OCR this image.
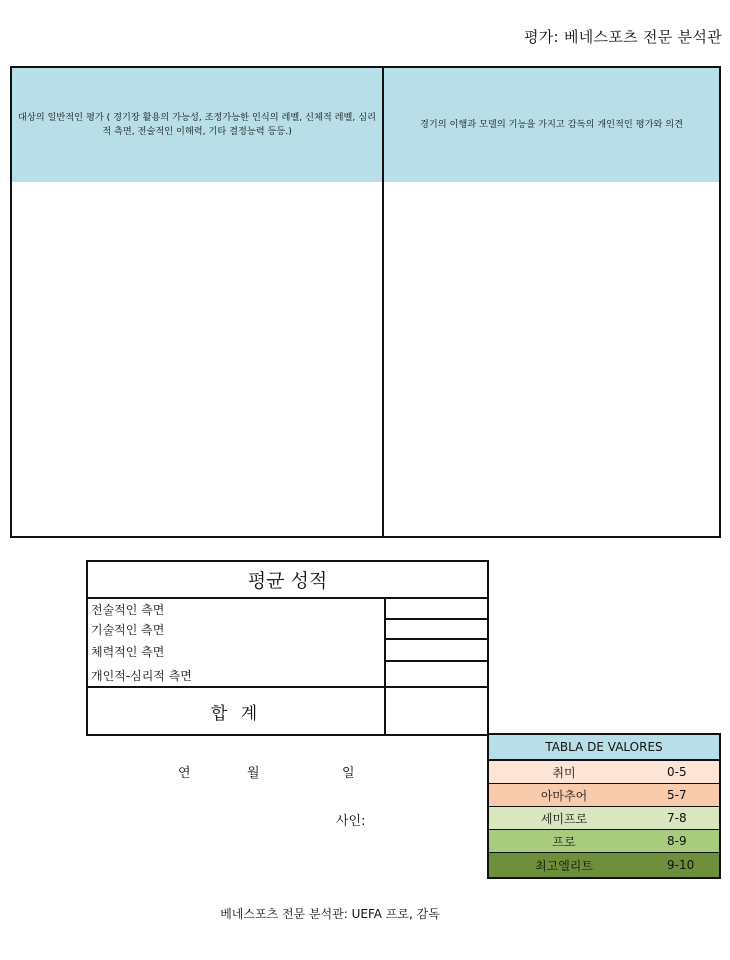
평가: 베네스포츠 전문 분석관
대상의 일반적인 평가 ( 경기장 활용의 가능성, 조정가능한 인식의 레벨, 신체적 레벨, 심리적 측면, 전술적인 이해력, 기타 결정능력 등등.)
경기의 이행과 모델의 기능을 가지고 감독의 개인적인 평가와 의견
평균 성적
전술적인 측면
기술적인 측면
체력적인 측면
개인적-심리적 측면
합 계
연	월	일
사인:
TABLA DE VALORES
취미	0-5
아마추어	5-7
세미프로	7-8
프로	8-9
최고엘리트	9-10
베네스포츠 전문 분석관: UEFA 프로, 감독
